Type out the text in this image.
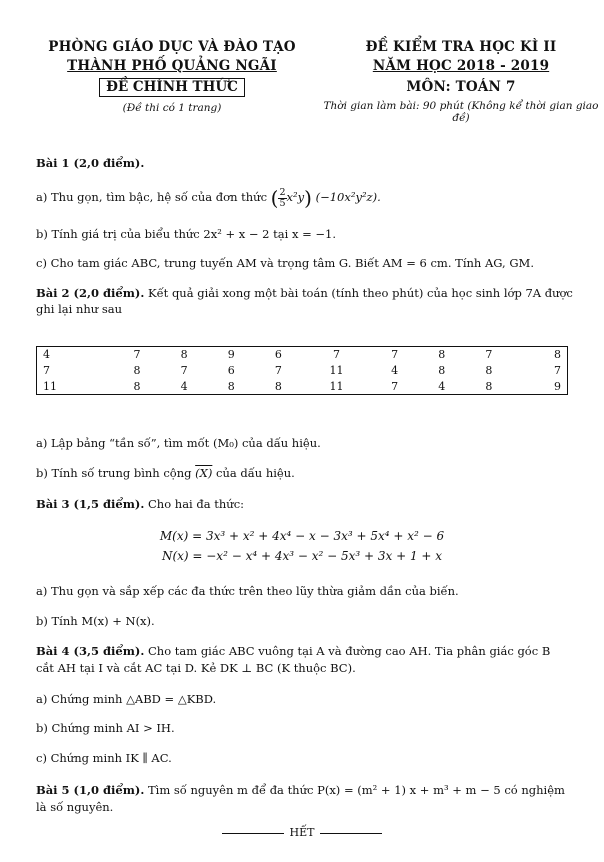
PHÒNG GIÁO DỤC VÀ ĐÀO TẠO
THÀNH PHỐ QUẢNG NGÃI
ĐỀ CHÍNH THỨC
(Đề thi có 1 trang)
ĐỀ KIỂM TRA HỌC KÌ II
NĂM HỌC 2018 - 2019
MÔN: TOÁN 7
Thời gian làm bài: 90 phút (Không kể thời gian giao đề)
Bài 1 (2,0 điểm).
a) Thu gọn, tìm bậc, hệ số của đơn thức ( $\frac{2}{5} x^2y$) (−10x²y²z).
b) Tính giá trị của biểu thức 2x² + x − 2 tại x = −1.
c) Cho tam giác ABC, trung tuyến AM và trọng tâm G. Biết AM = 6 cm. Tính AG, GM.
Bài 2 (2,0 điểm). Kết quả giải xong một bài toán (tính theo phút) của học sinh lớp 7A được
ghi lại như sau
4	7	8	9	6	7	7	8	7	8
7	8	7	6	7	11	4	8	8	7
11	8	4	8	8	11	7	4	8	9
a) Lập bảng “tần số”, tìm mốt (M₀) của dấu hiệu.
b) Tính số trung bình cộng (X) của dấu hiệu.
Bài 3 (1,5 điểm). Cho hai đa thức:
M(x) = 3x³ + x² + 4x⁴ − x − 3x³ + 5x⁴ + x² − 6
N(x) = −x² − x⁴ + 4x³ − x² − 5x³ + 3x + 1 + x
a) Thu gọn và sắp xếp các đa thức trên theo lũy thừa giảm dần của biến.
b) Tính M(x) + N(x).
Bài 4 (3,5 điểm). Cho tam giác ABC vuông tại A và đường cao AH. Tia phân giác góc B
cắt AH tại I và cắt AC tại D. Kẻ DK ⊥ BC (K thuộc BC).
a) Chứng minh △ABD = △KBD.
b) Chứng minh AI > IH.
c) Chứng minh IK ∥ AC.
Bài 5 (1,0 điểm). Tìm số nguyên m để đa thức P(x) = (m² + 1) x + m³ + m − 5 có nghiệm
là số nguyên.
HẾT
